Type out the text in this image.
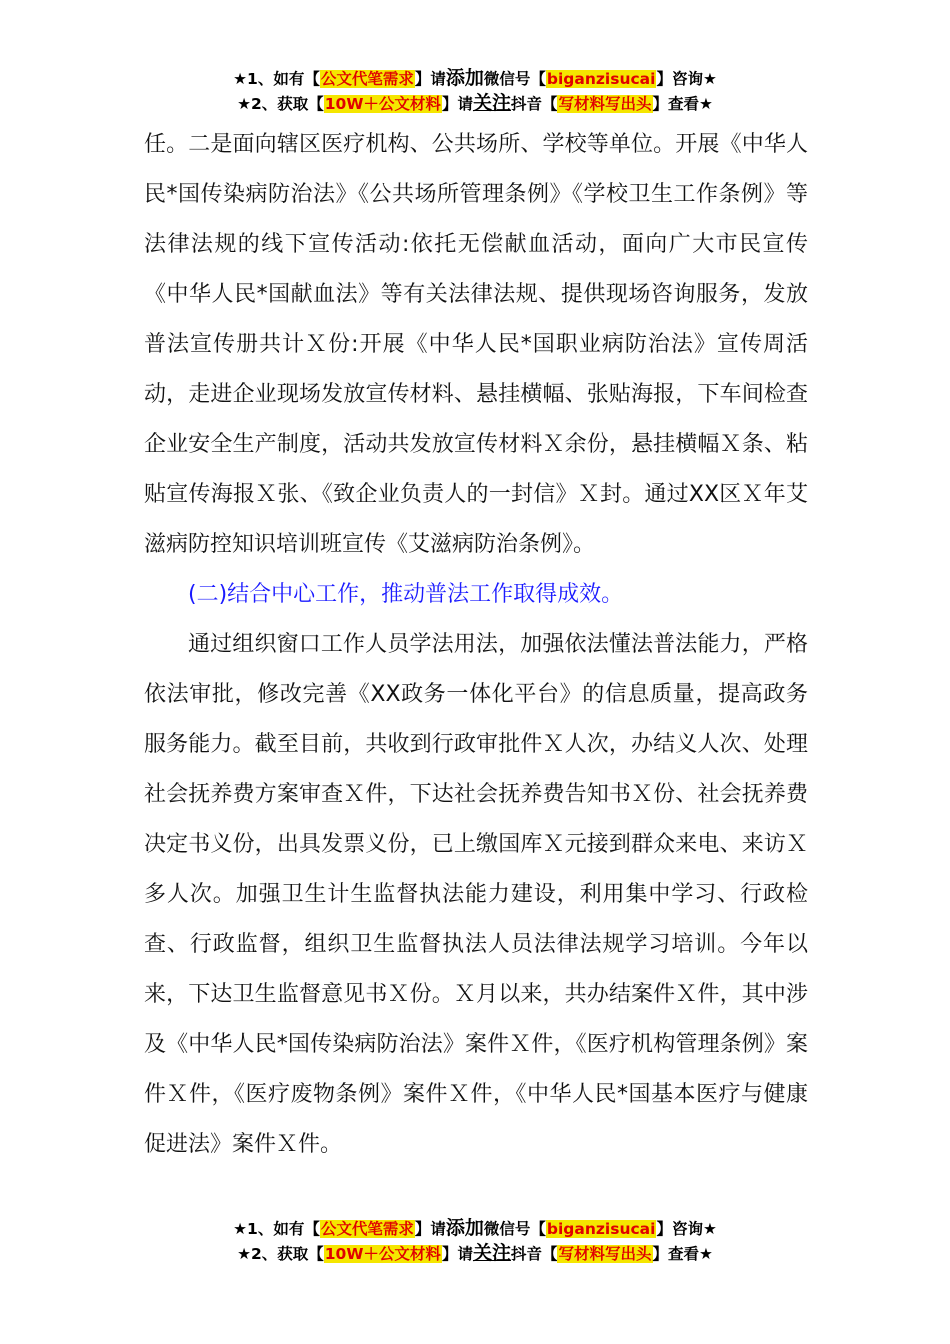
★1、如有【公文代笔需求】请添加微信号【biganzisucai】咨询★
★2、获取【10W＋公文材料】请关注抖音【写材料写出头】查看★

任。二是面向辖区医疗机构、公共场所、学校等单位。开展《中华人民*国传染病防治法》《公共场所管理条例》《学校卫生工作条例》等法律法规的线下宣传活动:依托无偿献血活动，面向广大市民宣传《中华人民*国献血法》等有关法律法规、提供现场咨询服务，发放普法宣传册共计Ｘ份:开展《中华人民*国职业病防治法》宣传周活动，走进企业现场发放宣传材料、悬挂横幅、张贴海报，下车间检查企业安全生产制度，活动共发放宣传材料Ｘ余份，悬挂横幅Ｘ条、粘贴宣传海报Ｘ张、《致企业负责人的一封信》Ｘ封。通过XX区Ｘ年艾滋病防控知识培训班宣传《艾滋病防治条例》。

(二)结合中心工作，推动普法工作取得成效。

通过组织窗口工作人员学法用法，加强依法懂法普法能力，严格依法审批，修改完善《XX政务一体化平台》的信息质量，提高政务服务能力。截至目前，共收到行政审批件Ｘ人次，办结义人次、处理社会抚养费方案审查Ｘ件，下达社会抚养费告知书Ｘ份、社会抚养费决定书义份，出具发票义份，已上缴国库Ｘ元接到群众来电、来访Ｘ多人次。加强卫生计生监督执法能力建设，利用集中学习、行政检查、行政监督，组织卫生监督执法人员法律法规学习培训。今年以来，下达卫生监督意见书Ｘ份。Ｘ月以来，共办结案件Ｘ件，其中涉及《中华人民*国传染病防治法》案件Ｘ件，《医疗机构管理条例》案件Ｘ件，《医疗废物条例》案件Ｘ件，《中华人民*国基本医疗与健康促进法》案件Ｘ件。

★1、如有【公文代笔需求】请添加微信号【biganzisucai】咨询★
★2、获取【10W＋公文材料】请关注抖音【写材料写出头】查看★
